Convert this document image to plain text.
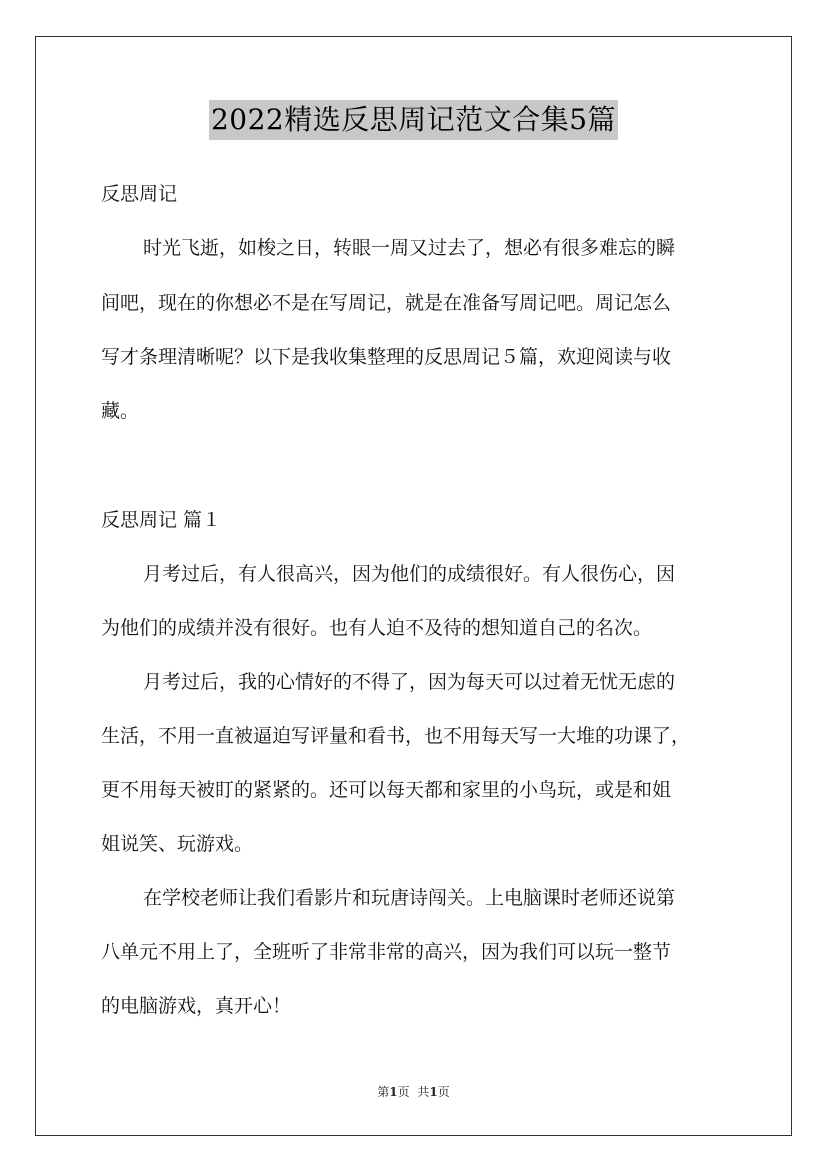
2022精选反思周记范文合集5篇
反思周记
时光飞逝，如梭之日，转眼一周又过去了，想必有很多难忘的瞬
间吧，现在的你想必不是在写周记，就是在准备写周记吧。周记怎么
写才条理清晰呢？以下是我收集整理的反思周记５篇，欢迎阅读与收
藏。
反思周记 篇１
月考过后，有人很高兴，因为他们的成绩很好。有人很伤心，因
为他们的成绩并没有很好。也有人迫不及待的想知道自己的名次。
月考过后，我的心情好的不得了，因为每天可以过着无忧无虑的
生活，不用一直被逼迫写评量和看书，也不用每天写一大堆的功课了，
更不用每天被盯的紧紧的。还可以每天都和家里的小鸟玩，或是和姐
姐说笑、玩游戏。
在学校老师让我们看影片和玩唐诗闯关。上电脑课时老师还说第
八单元不用上了，全班听了非常非常的高兴，因为我们可以玩一整节
的电脑游戏，真开心！
第1页 共1页
